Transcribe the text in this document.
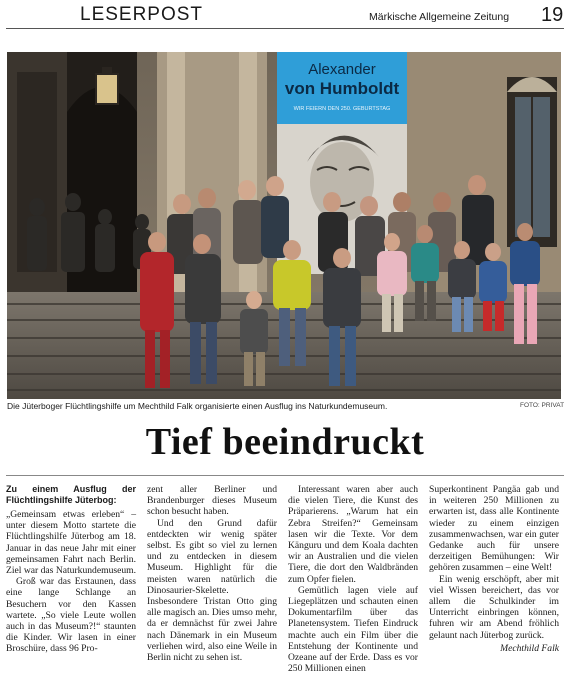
LESERPOST	Märkische Allgemeine Zeitung 19
Alexander
von Humboldt
WIR FEIERN DEN 250. GEBURTSTAG
Die Jüterboger Flüchtlingshilfe um Mechthild Falk organisierte einen Ausflug ins Naturkundemuseum.	FOTO: PRIVAT
Tief beeindruckt
Zu einem Ausflug der Flüchtlingshilfe Jüterbog:

„Gemeinsam etwas erleben“ – unter diesem Motto startete die Flüchtlingshilfe Jüterbog am 18. Januar in das neue Jahr mit einer gemeinsamen Fahrt nach Berlin. Ziel war das Naturkundemuseum.

Groß war das Erstaunen, dass eine lange Schlange an Besuchern vor den Kassen wartete. „So viele Leute wollen auch in das Museum?!“ staunten die Kinder. Wir lasen in einer Broschüre, dass 96 Pro-

zent aller Berliner und Brandenburger dieses Museum schon besucht haben.

Und den Grund dafür entdeckten wir wenig später selbst. Es gibt so viel zu lernen und zu entdecken in diesem Museum. Highlight für die meisten waren natürlich die Dinosaurier-Skelette. Insbesondere Tristan Otto ging alle magisch an. Dies umso mehr, da er demnächst für zwei Jahre nach Dänemark in ein Museum verliehen wird, also eine Weile in Berlin nicht zu sehen ist.

Interessant waren aber auch die vielen Tiere, die Kunst des Präparierens. „Warum hat ein Zebra Streifen?“ Gemeinsam lasen wir die Texte. Vor dem Känguru und dem Koala dachten wir an Australien und die vielen Tiere, die dort den Waldbränden zum Opfer fielen.

Gemütlich lagen viele auf Liegeplätzen und schauten einen Dokumentarfilm über das Planetensystem. Tiefen Eindruck machte auch ein Film über die Entstehung der Kontinente und Ozeane auf der Erde. Dass es vor 250 Millionen einen

Superkontinent Pangäa gab und in weiteren 250 Millionen zu erwarten ist, dass alle Kontinente wieder zu einem einzigen zusammenwachsen, war ein guter Gedanke auch für unsere derzeitigen Bemühungen: Wir gehören zusammen – eine Welt!

Ein wenig erschöpft, aber mit viel Wissen bereichert, das vor allem die Schulkinder im Unterricht einbringen können, fuhren wir am Abend fröhlich gelaunt nach Jüterbog zurück.

Mechthild Falk
